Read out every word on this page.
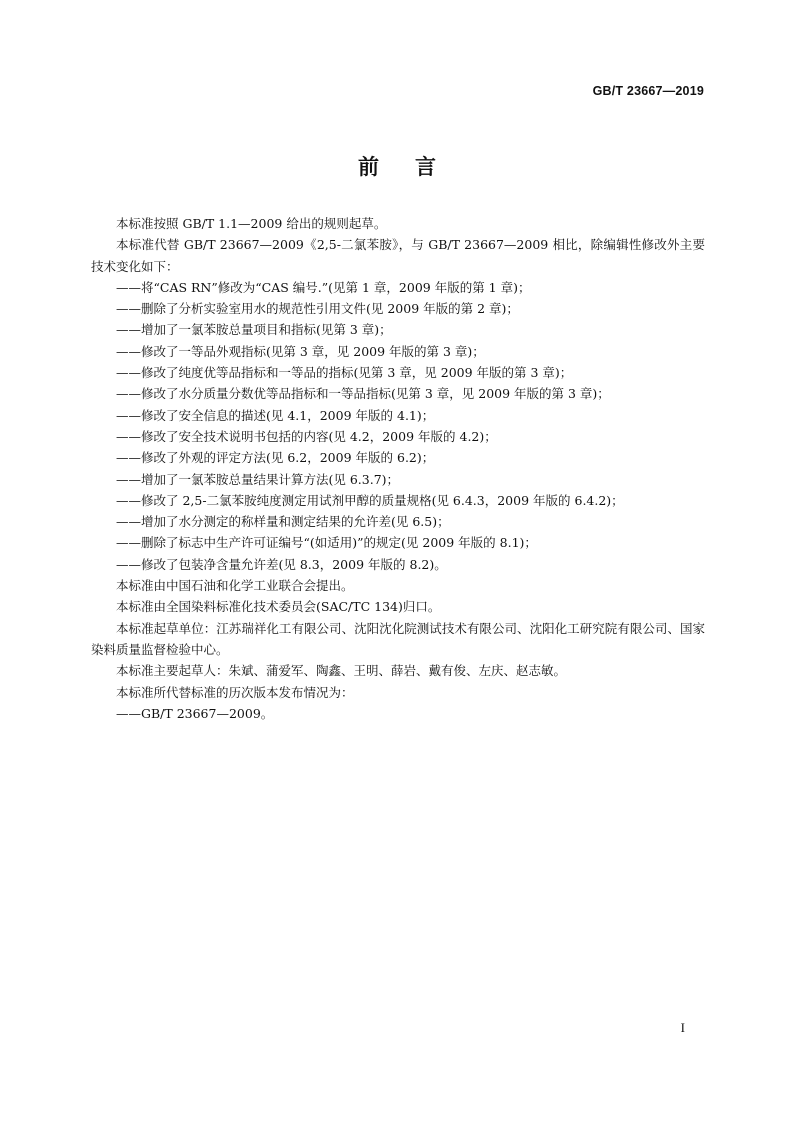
GB/T 23667—2019
前言

本标准按照 GB/T 1.1—2009 给出的规则起草。

本标准代替 GB/T 23667—2009《2,5-二氯苯胺》，与 GB/T 23667—2009 相比，除编辑性修改外主要技术变化如下：

——将“CAS RN”修改为“CAS 编号.”(见第 1 章，2009 年版的第 1 章)；

——删除了分析实验室用水的规范性引用文件(见 2009 年版的第 2 章)；

——增加了一氯苯胺总量项目和指标(见第 3 章)；

——修改了一等品外观指标(见第 3 章，见 2009 年版的第 3 章)；

——修改了纯度优等品指标和一等品的指标(见第 3 章，见 2009 年版的第 3 章)；

——修改了水分质量分数优等品指标和一等品指标(见第 3 章，见 2009 年版的第 3 章)；

——修改了安全信息的描述(见 4.1，2009 年版的 4.1)；

——修改了安全技术说明书包括的内容(见 4.2，2009 年版的 4.2)；

——修改了外观的评定方法(见 6.2，2009 年版的 6.2)；

——增加了一氯苯胺总量结果计算方法(见 6.3.7)；

——修改了 2,5-二氯苯胺纯度测定用试剂甲醇的质量规格(见 6.4.3，2009 年版的 6.4.2)；

——增加了水分测定的称样量和测定结果的允许差(见 6.5)；

——删除了标志中生产许可证编号“(如适用)”的规定(见 2009 年版的 8.1)；

——修改了包装净含量允许差(见 8.3，2009 年版的 8.2)。

本标准由中国石油和化学工业联合会提出。

本标准由全国染料标准化技术委员会(SAC/TC 134)归口。

本标准起草单位：江苏瑞祥化工有限公司、沈阳沈化院测试技术有限公司、沈阳化工研究院有限公司、国家染料质量监督检验中心。

本标准主要起草人：朱斌、蒲爱军、陶鑫、王明、薛岩、戴有俊、左庆、赵志敏。

本标准所代替标准的历次版本发布情况为：

——GB/T 23667—2009。

I
